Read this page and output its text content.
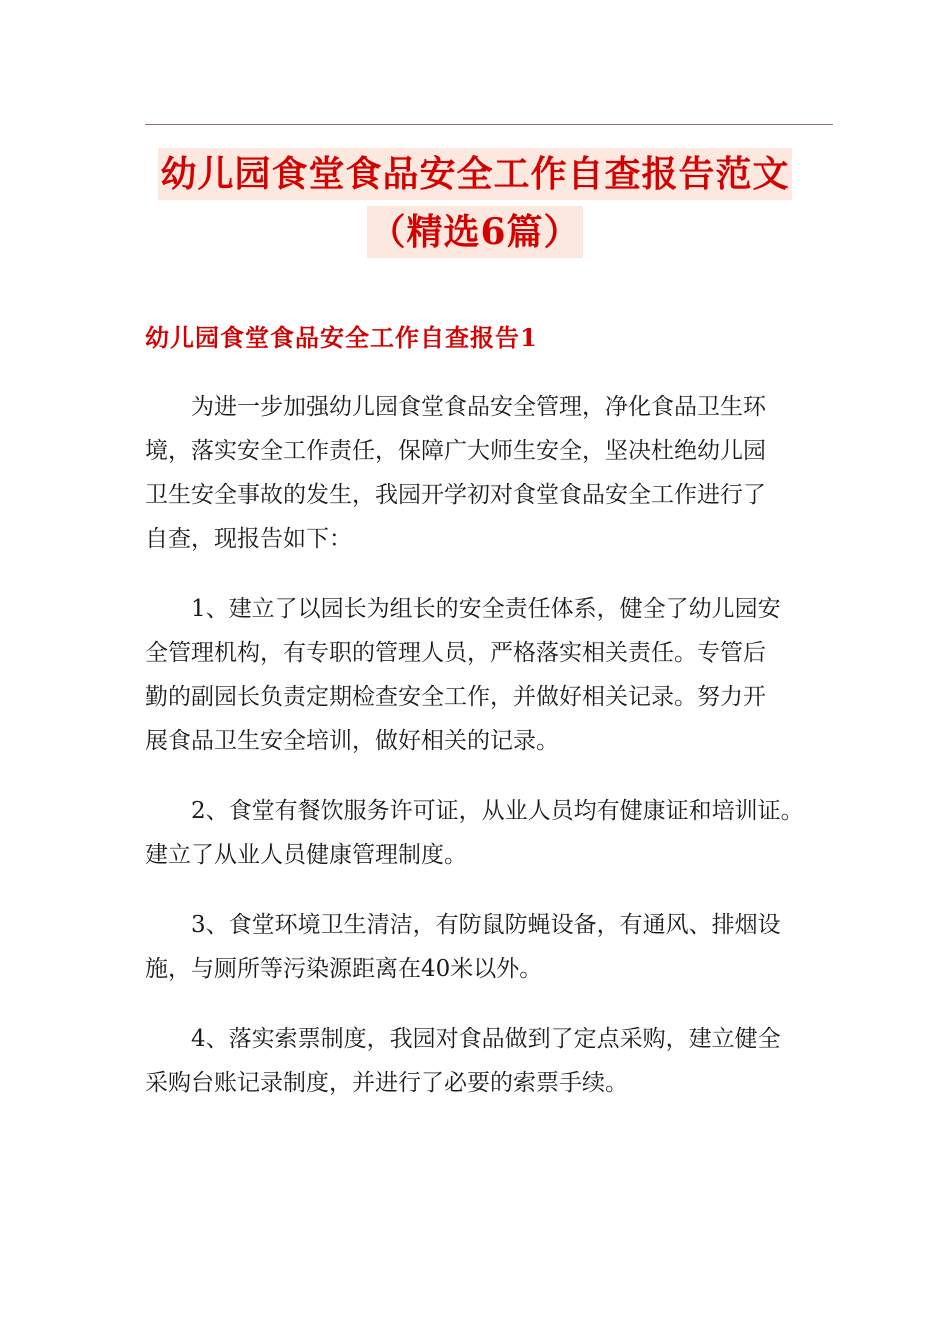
幼儿园食堂食品安全工作自查报告范文
（精选6篇）
幼儿园食堂食品安全工作自查报告1

为进一步加强幼儿园食堂食品安全管理，净化食品卫生环
境，落实安全工作责任，保障广大师生安全，坚决杜绝幼儿园
卫生安全事故的发生，我园开学初对食堂食品安全工作进行了
自查，现报告如下：

1、建立了以园长为组长的安全责任体系，健全了幼儿园安
全管理机构，有专职的管理人员，严格落实相关责任。专管后
勤的副园长负责定期检查安全工作，并做好相关记录。努力开
展食品卫生安全培训，做好相关的记录。

2、食堂有餐饮服务许可证，从业人员均有健康证和培训证。
建立了从业人员健康管理制度。

3、食堂环境卫生清洁，有防鼠防蝇设备，有通风、排烟设
施，与厕所等污染源距离在40米以外。

4、落实索票制度，我园对食品做到了定点采购，建立健全
采购台账记录制度，并进行了必要的索票手续。
